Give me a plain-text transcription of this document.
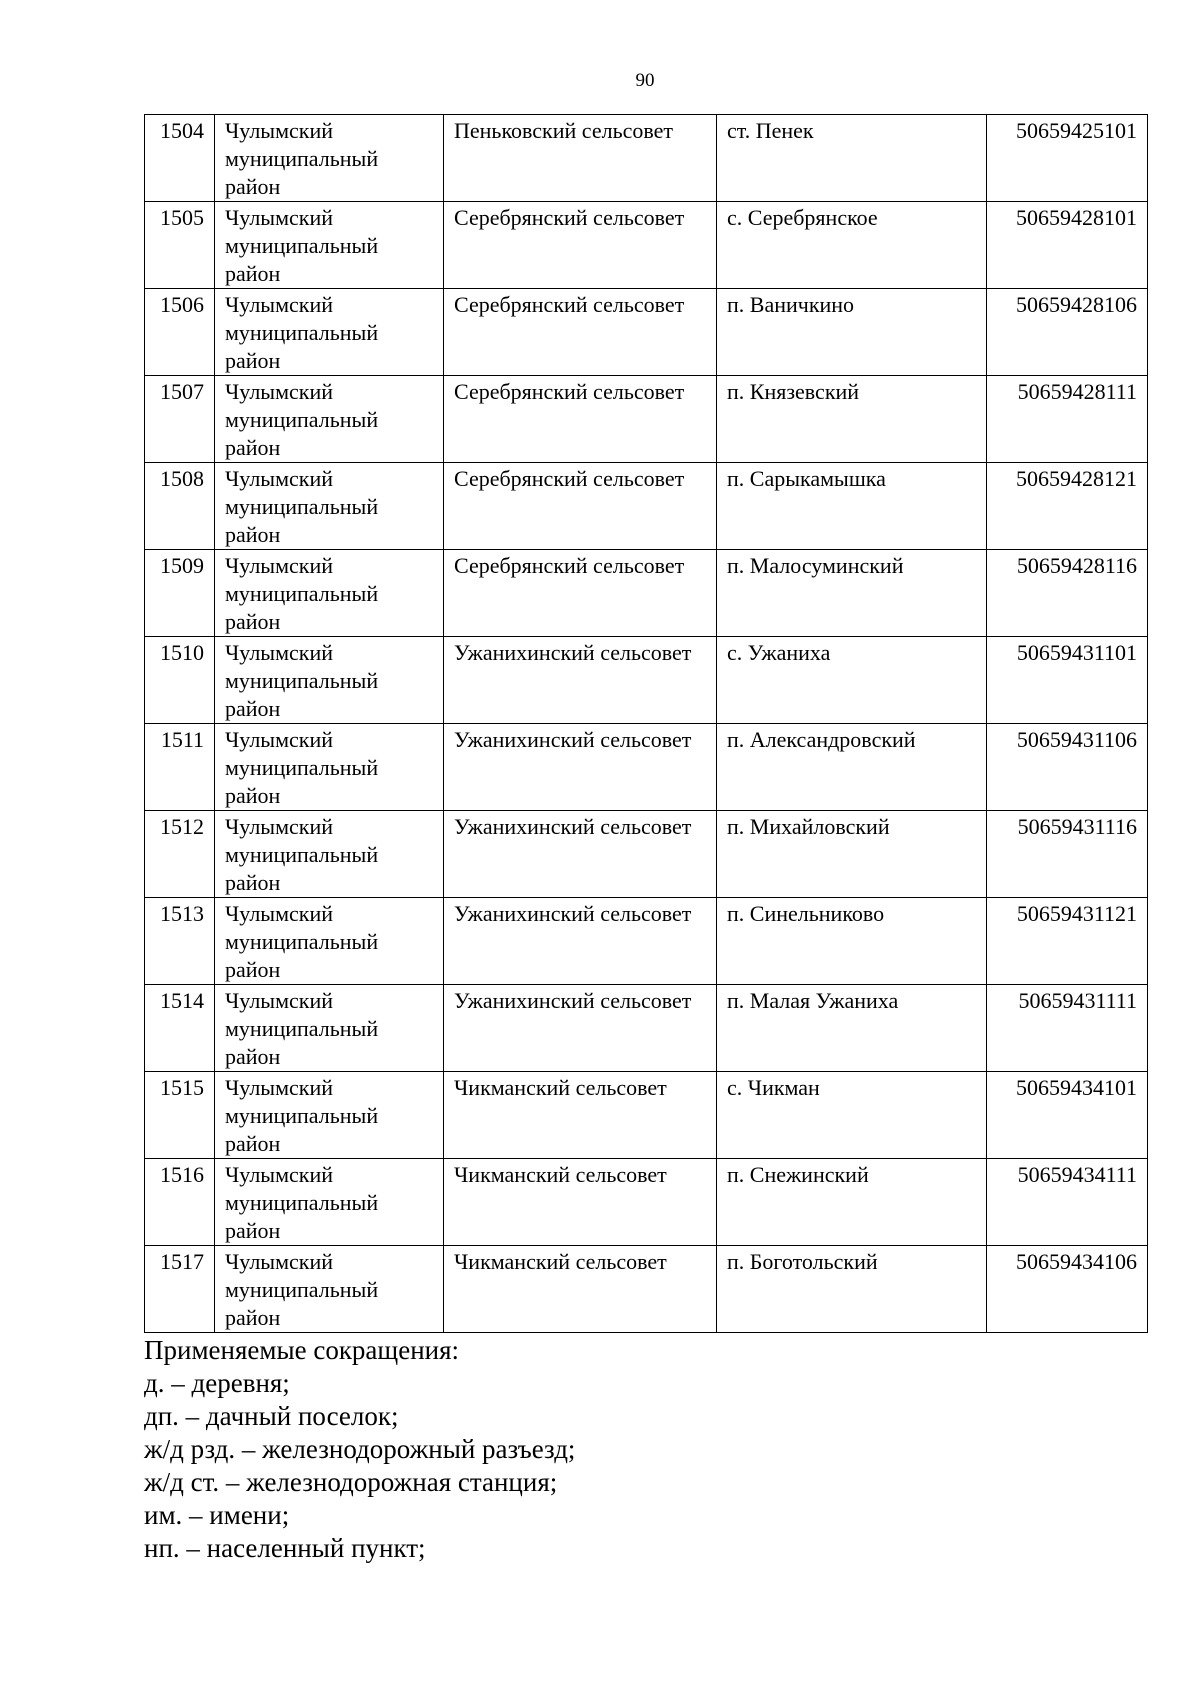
90
1504	Чулымский муниципальный район	Пеньковский сельсовет	ст. Пенек	50659425101
1505	Чулымский муниципальный район	Серебрянский сельсовет	с. Серебрянское	50659428101
1506	Чулымский муниципальный район	Серебрянский сельсовет	п. Ваничкино	50659428106
1507	Чулымский муниципальный район	Серебрянский сельсовет	п. Князевский	50659428111
1508	Чулымский муниципальный район	Серебрянский сельсовет	п. Сарыкамышка	50659428121
1509	Чулымский муниципальный район	Серебрянский сельсовет	п. Малосуминский	50659428116
1510	Чулымский муниципальный район	Ужанихинский сельсовет	с. Ужаниха	50659431101
1511	Чулымский муниципальный район	Ужанихинский сельсовет	п. Александровский	50659431106
1512	Чулымский муниципальный район	Ужанихинский сельсовет	п. Михайловский	50659431116
1513	Чулымский муниципальный район	Ужанихинский сельсовет	п. Синельниково	50659431121
1514	Чулымский муниципальный район	Ужанихинский сельсовет	п. Малая Ужаниха	50659431111
1515	Чулымский муниципальный район	Чикманский сельсовет	с. Чикман	50659434101
1516	Чулымский муниципальный район	Чикманский сельсовет	п. Снежинский	50659434111
1517	Чулымский муниципальный район	Чикманский сельсовет	п. Боготольский	50659434106
Применяемые сокращения:
д. – деревня;
дп. – дачный поселок;
ж/д рзд. – железнодорожный разъезд;
ж/д ст. – железнодорожная станция;
им. – имени;
нп. – населенный пункт;
